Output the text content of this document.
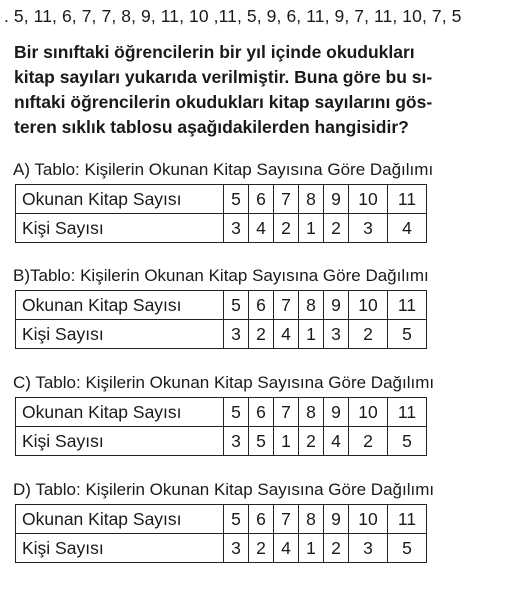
. 5, 11, 6, 7, 7, 8, 9, 11, 10 ,11, 5, 9, 6, 11, 9, 7, 11, 10, 7, 5
Bir sınıftaki öğrencilerin bir yıl içinde okudukları
kitap sayıları yukarıda verilmiştir. Buna göre bu sı-
nıftaki öğrencilerin okudukları kitap sayılarını gös-
teren sıklık tablosu aşağıdakilerden hangisidir?
A) Tablo: Kişilerin Okunan Kitap Sayısına Göre Dağılımı
Okunan Kitap Sayısı	5	6	7	8	9	10	11
Kişi Sayısı	3	4	2	1	2	3	4
B)Tablo: Kişilerin Okunan Kitap Sayısına Göre Dağılımı
Okunan Kitap Sayısı	5	6	7	8	9	10	11
Kişi Sayısı	3	2	4	1	3	2	5
C) Tablo: Kişilerin Okunan Kitap Sayısına Göre Dağılımı
Okunan Kitap Sayısı	5	6	7	8	9	10	11
Kişi Sayısı	3	5	1	2	4	2	5
D) Tablo: Kişilerin Okunan Kitap Sayısına Göre Dağılımı
Okunan Kitap Sayısı	5	6	7	8	9	10	11
Kişi Sayısı	3	2	4	1	2	3	5
